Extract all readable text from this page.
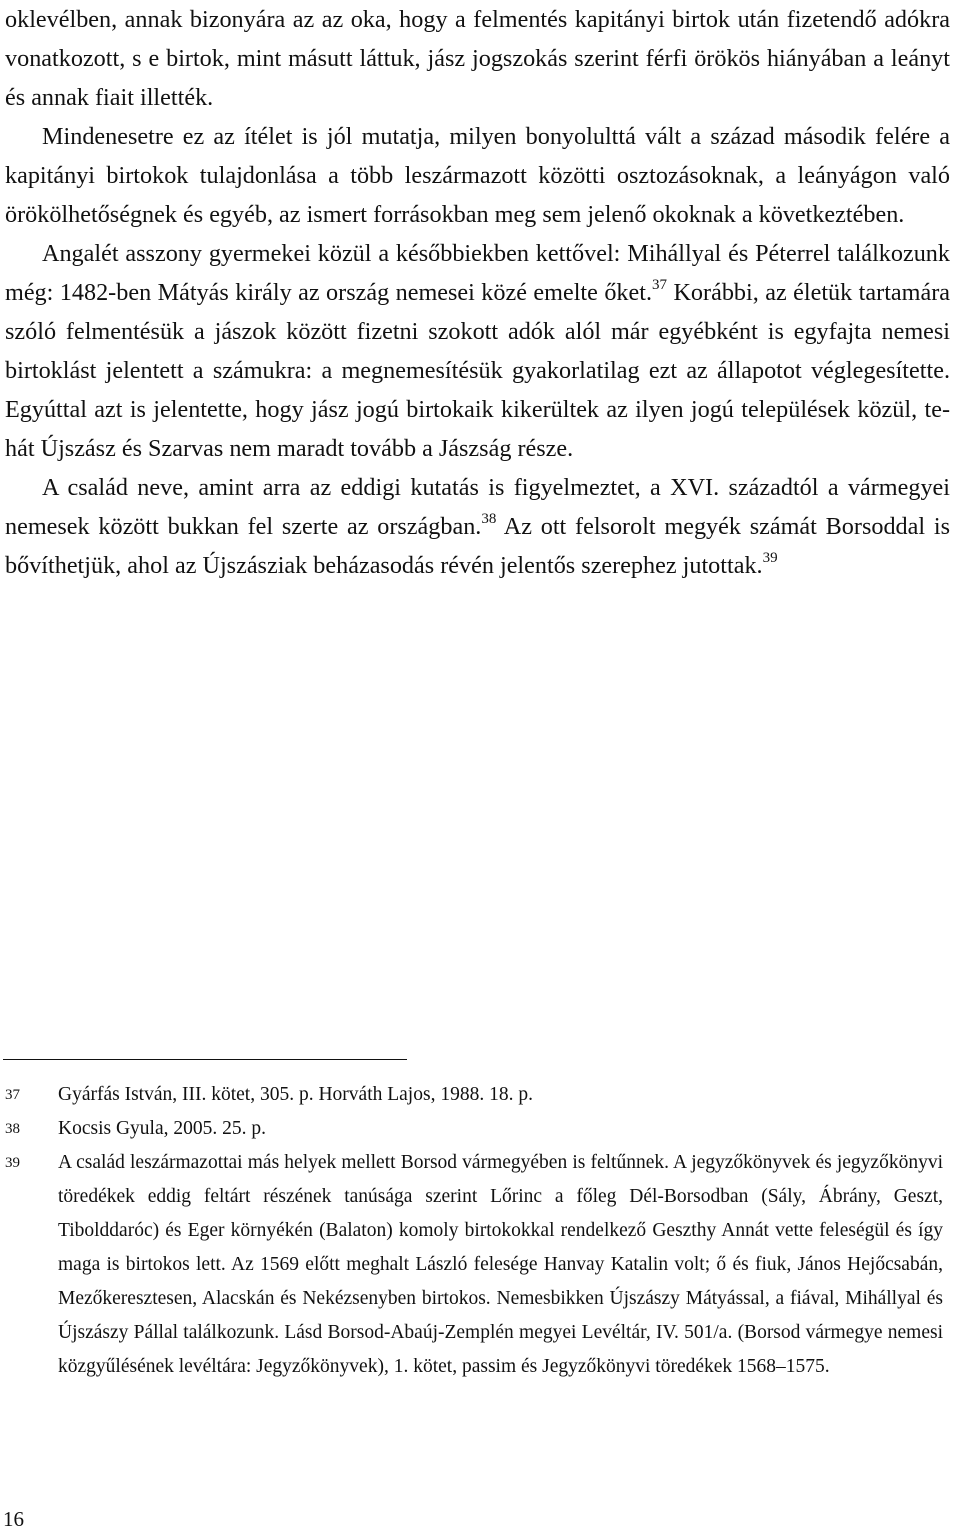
oklevélben, annak bizonyára az az oka, hogy a felmentés kapitányi birtok után fizetendő adókra vonatkozott, s e birtok, mint másutt láttuk, jász jogszokás szerint férfi örökös hiányában a leányt és annak fiait illették.

Mindenesetre ez az ítélet is jól mutatja, milyen bonyolulttá vált a század második felére a kapitányi birtokok tulajdonlása a több leszármazott közötti osztozásoknak, a leányágon való örökölhetőségnek és egyéb, az ismert forrásokban meg sem jelenő okoknak a következtében.

Angalét asszony gyermekei közül a későbbiekben kettővel: Mihállyal és Péterrel találkozunk még: 1482-ben Mátyás király az ország nemesei közé emelte őket.$^{37}$ Korábbi, az életük tartamára szóló felmentésük a jászok között fizetni szokott adók alól már egyébként is egyfajta nemesi birtoklást jelentett a számukra: a megnemesítésük gyakorlatilag ezt az állapotot véglegesítette. Egyúttal azt is jelentette, hogy jász jogú birtokaik kikerültek az ilyen jogú települések közül, tehát Újszász és Szarvas nem maradt tovább a Jászság része.

A család neve, amint arra az eddigi kutatás is figyelmeztet, a XVI. századtól a vármegyei nemesek között bukkan fel szerte az országban.$^{38}$ Az ott felsorolt megyék számát Borsoddal is bővíthetjük, ahol az Újszásziak beházasodás révén jelentős szerephez jutottak.$^{39}$

37 Gyárfás István, III. kötet, 305. p. Horváth Lajos, 1988. 18. p.
38 Kocsis Gyula, 2005. 25. p.
39 A család leszármazottai más helyek mellett Borsod vármegyében is feltűnnek. A jegyzőkönyvek és jegyzőkönyvi töredékek eddig feltárt részének tanúsága szerint Lőrinc a főleg Dél-Borsodban (Sály, Ábrány, Geszt, Tibolddaróc) és Eger környékén (Balaton) komoly birtokokkal rendelkező Geszthy Annát vette feleségül és így maga is birtokos lett. Az 1569 előtt meghalt László felesége Hanvay Katalin volt; ő és fiuk, János Hejőcsabán, Mezőkeresztesen, Alacskán és Nekézsenyben birtokos. Nemesbikken Újszászy Mátyással, a fiával, Mihállyal és Újszászy Pállal találkozunk. Lásd Borsod-Abaúj-Zemplén megyei Levéltár, IV. 501/a. (Borsod vármegye nemesi közgyűlésének levéltára: Jegyzőkönyvek), 1. kötet, passim és Jegyzőkönyvi töredékek 1568–1575.
16
